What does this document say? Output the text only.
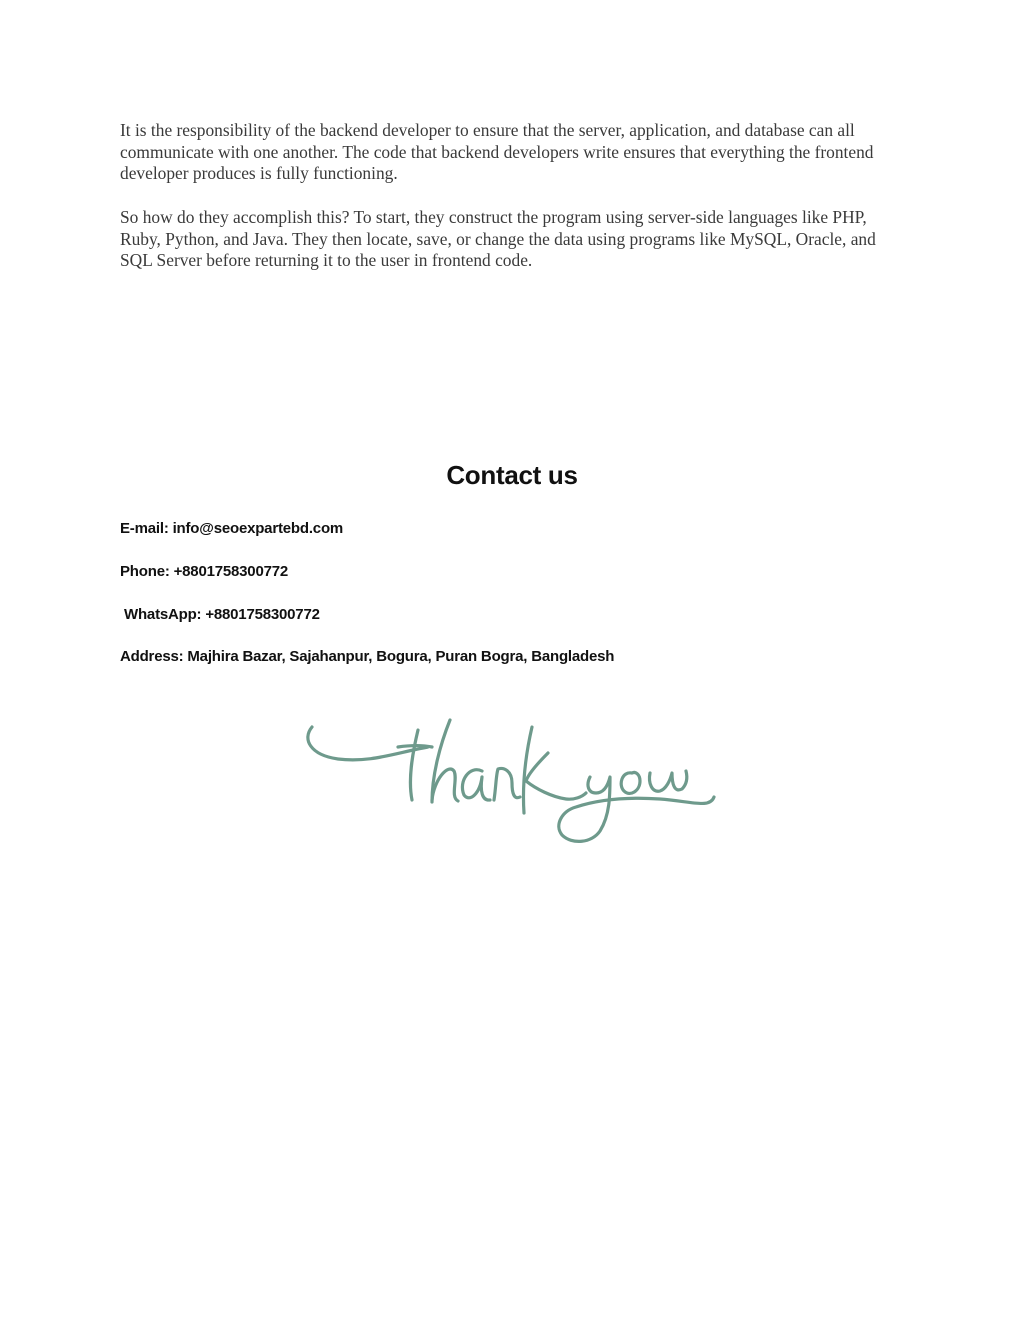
It is the responsibility of the backend developer to ensure that the server, application, and database can all communicate with one another. The code that backend developers write ensures that everything the frontend developer produces is fully functioning.

So how do they accomplish this? To start, they construct the program using server-side languages like PHP, Ruby, Python, and Java. They then locate, save, or change the data using programs like MySQL, Oracle, and SQL Server before returning it to the user in frontend code.

Contact us

E-mail: info@seoexpartebd.com

Phone: +8801758300772

WhatsApp: +8801758300772

Address: Majhira Bazar, Sajahanpur, Bogura, Puran Bogra, Bangladesh
